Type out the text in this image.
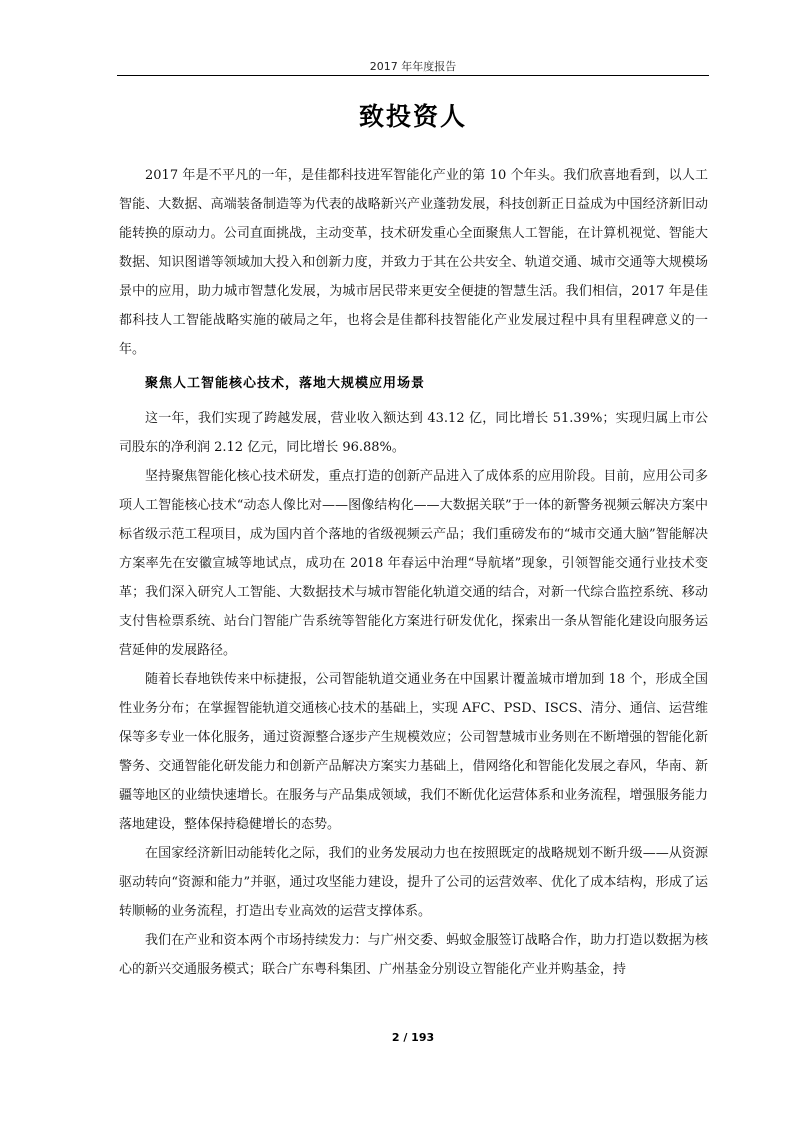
2017 年年度报告
致投资人

2017 年是不平凡的一年，是佳都科技进军智能化产业的第 10 个年头。我们欣喜地看到，以人工智能、大数据、高端装备制造等为代表的战略新兴产业蓬勃发展，科技创新正日益成为中国经济新旧动能转换的原动力。公司直面挑战，主动变革，技术研发重心全面聚焦人工智能，在计算机视觉、智能大数据、知识图谱等领域加大投入和创新力度，并致力于其在公共安全、轨道交通、城市交通等大规模场景中的应用，助力城市智慧化发展，为城市居民带来更安全便捷的智慧生活。我们相信，2017 年是佳都科技人工智能战略实施的破局之年，也将会是佳都科技智能化产业发展过程中具有里程碑意义的一年。

聚焦人工智能核心技术，落地大规模应用场景

这一年，我们实现了跨越发展，营业收入额达到 43.12 亿，同比增长 51.39%；实现归属上市公司股东的净利润 2.12 亿元，同比增长 96.88%。

坚持聚焦智能化核心技术研发，重点打造的创新产品进入了成体系的应用阶段。目前，应用公司多项人工智能核心技术“动态人像比对——图像结构化——大数据关联”于一体的新警务视频云解决方案中标省级示范工程项目，成为国内首个落地的省级视频云产品；我们重磅发布的“城市交通大脑”智能解决方案率先在安徽宣城等地试点，成功在 2018 年春运中治理“导航堵”现象，引领智能交通行业技术变革；我们深入研究人工智能、大数据技术与城市智能化轨道交通的结合，对新一代综合监控系统、移动支付售检票系统、站台门智能广告系统等智能化方案进行研发优化，探索出一条从智能化建设向服务运营延伸的发展路径。

随着长春地铁传来中标捷报，公司智能轨道交通业务在中国累计覆盖城市增加到 18 个，形成全国性业务分布；在掌握智能轨道交通核心技术的基础上，实现 AFC、PSD、ISCS、清分、通信、运营维保等多专业一体化服务，通过资源整合逐步产生规模效应；公司智慧城市业务则在不断增强的智能化新警务、交通智能化研发能力和创新产品解决方案实力基础上，借网络化和智能化发展之春风，华南、新疆等地区的业绩快速增长。在服务与产品集成领域，我们不断优化运营体系和业务流程，增强服务能力落地建设，整体保持稳健增长的态势。

在国家经济新旧动能转化之际，我们的业务发展动力也在按照既定的战略规划不断升级——从资源驱动转向“资源和能力”并驱，通过攻坚能力建设，提升了公司的运营效率、优化了成本结构，形成了运转顺畅的业务流程，打造出专业高效的运营支撑体系。

我们在产业和资本两个市场持续发力：与广州交委、蚂蚁金服签订战略合作，助力打造以数据为核心的新兴交通服务模式；联合广东粤科集团、广州基金分别设立智能化产业并购基金，持

2 / 193
